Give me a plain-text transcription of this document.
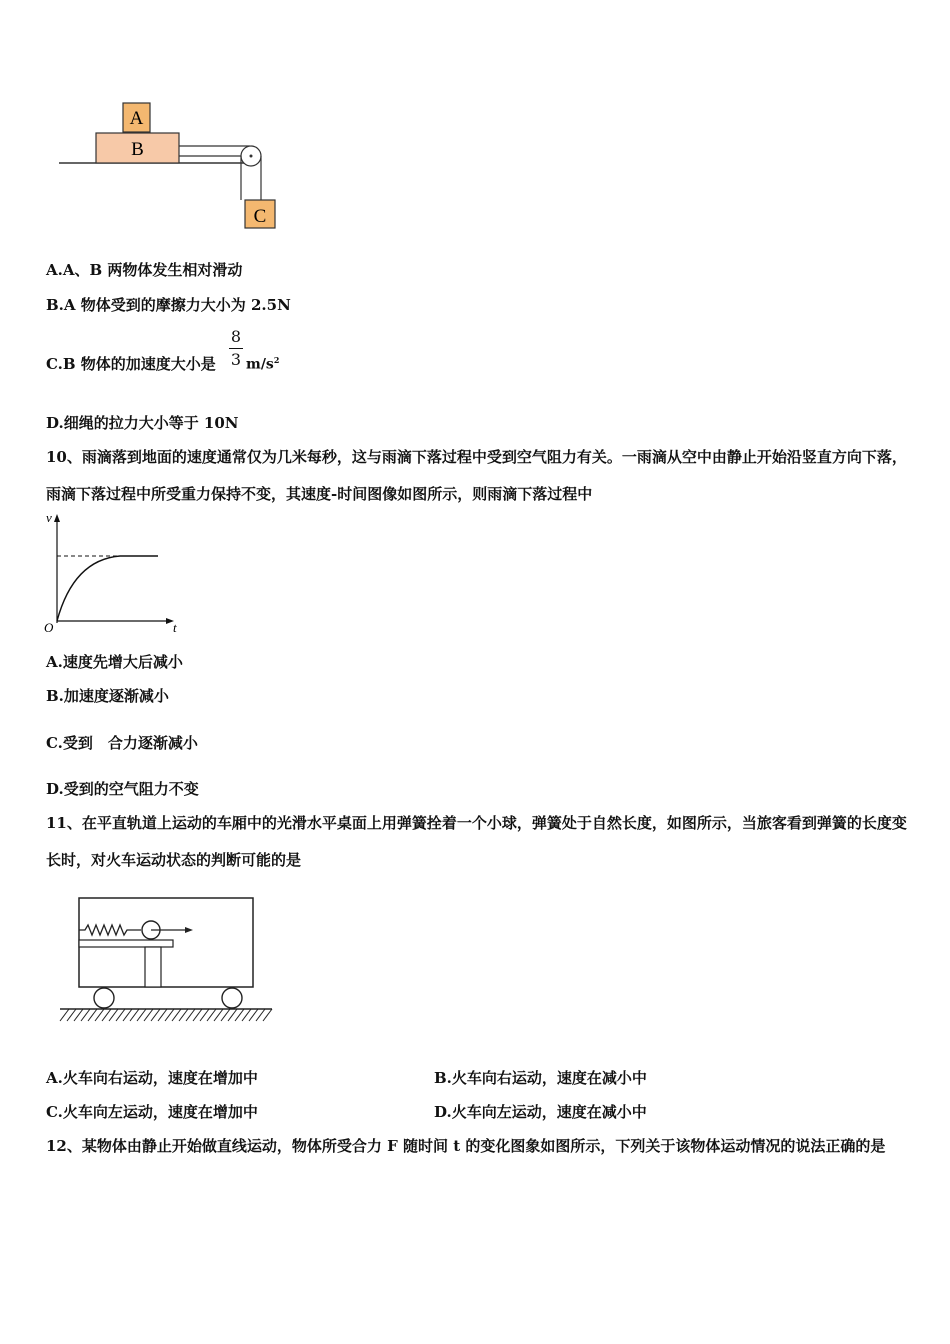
A
B
C
A.A、B 两物体发生相对滑动
B.A 物体受到的摩擦力大小为 2.5N
C.B 物体的加速度大小是
8
3 $m/s^2$
D.细绳的拉力大小等于 10N
10、雨滴落到地面的速度通常仅为几米每秒，这与雨滴下落过程中受到空气阻力有关。一雨滴从空中由静止开始沿竖直方向下落，雨滴下落过程中所受重力保持不变，其速度-时间图像如图所示，则雨滴下落过程中
v
t
O
A.速度先增大后减小
B.加速度逐渐减小
C.受到　合力逐渐减小
D.受到的空气阻力不变
11、在平直轨道上运动的车厢中的光滑水平桌面上用弹簧拴着一个小球，弹簧处于自然长度，如图所示，当旅客看到弹簧的长度变长时，对火车运动状态的判断可能的是
A.火车向右运动，速度在增加中	B.火车向右运动，速度在减小中
C.火车向左运动，速度在增加中	D.火车向左运动，速度在减小中
12、某物体由静止开始做直线运动，物体所受合力 F 随时间 t 的变化图象如图所示，下列关于该物体运动情况的说法正确的是
